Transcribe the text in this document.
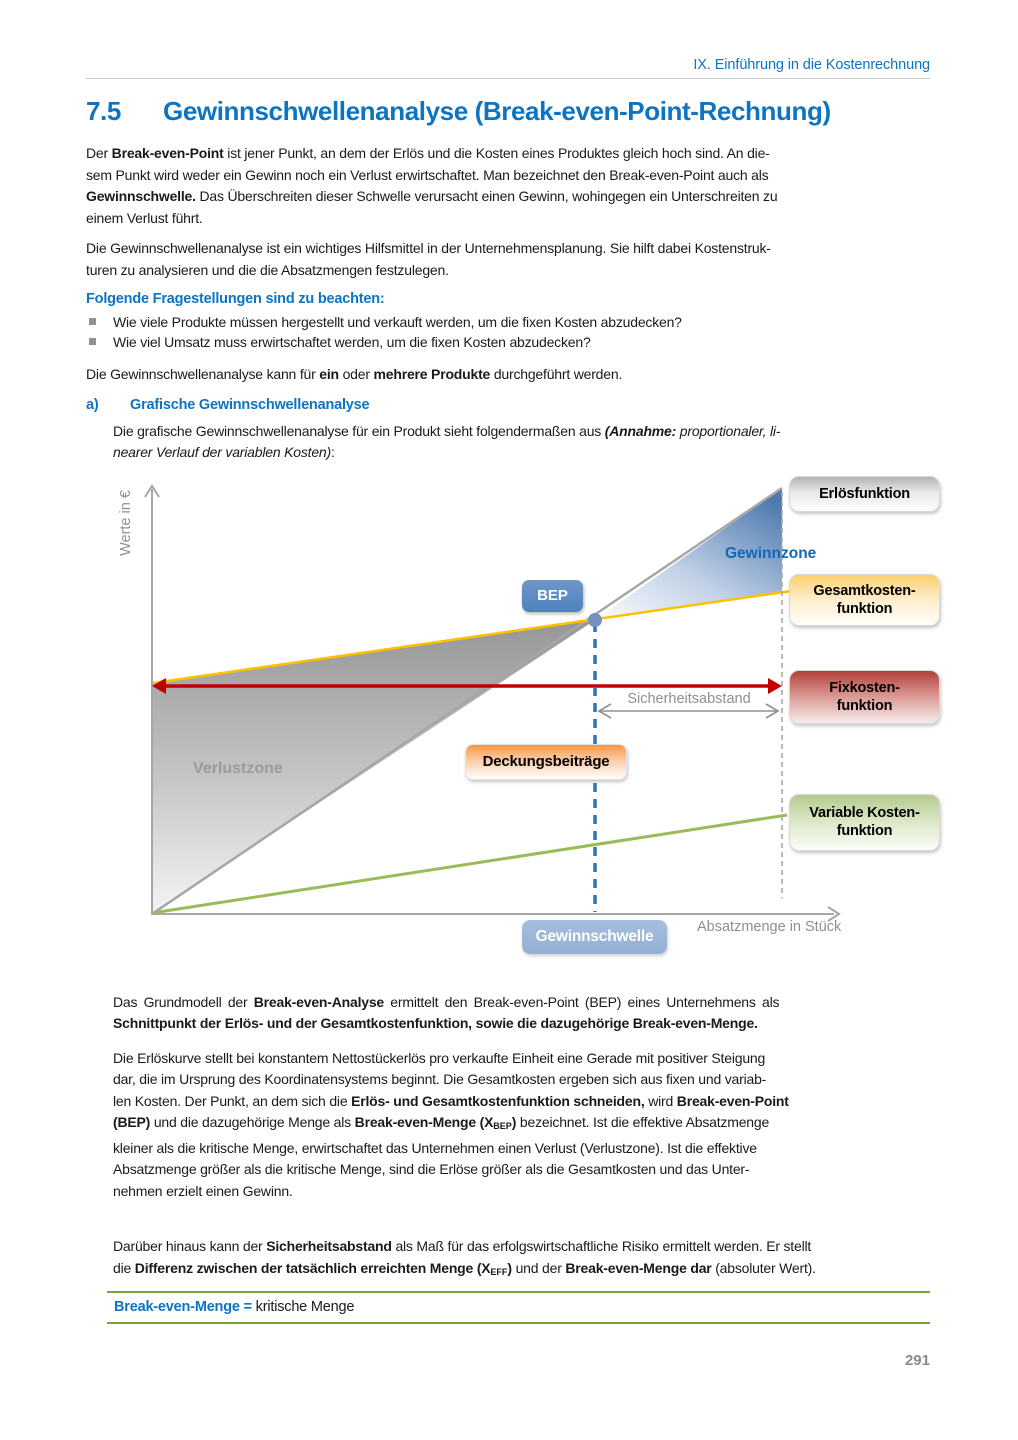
IX. Einführung in die Kostenrechnung
7.5 Gewinnschwellenanalyse (Break-even-Point-Rechnung)
Der Break-even-Point ist jener Punkt, an dem der Erlös und die Kosten eines Produktes gleich hoch sind. An die-
sem Punkt wird weder ein Gewinn noch ein Verlust erwirtschaftet. Man bezeichnet den Break-even-Point auch als
Gewinnschwelle. Das Überschreiten dieser Schwelle verursacht einen Gewinn, wohingegen ein Unterschreiten zu
einem Verlust führt.
Die Gewinnschwellenanalyse ist ein wichtiges Hilfsmittel in der Unternehmensplanung. Sie hilft dabei Kostenstruk-
turen zu analysieren und die die Absatzmengen festzulegen.
Folgende Fragestellungen sind zu beachten:
Wie viele Produkte müssen hergestellt und verkauft werden, um die fixen Kosten abzudecken?
Wie viel Umsatz muss erwirtschaftet werden, um die fixen Kosten abzudecken?
Die Gewinnschwellenanalyse kann für ein oder mehrere Produkte durchgeführt werden.
a) Grafische Gewinnschwellenanalyse
Die grafische Gewinnschwellenanalyse für ein Produkt sieht folgendermaßen aus (Annahme: proportionaler, li-
nearer Verlauf der variablen Kosten):
Werte in €
Absatzmenge in Stück
Gewinnzone
Verlustzone
Sicherheitsabstand
BEP
Erlösfunktion
Gesamtkosten-
funktion
Fixkosten-
funktion
Variable Kosten-
funktion
Deckungsbeiträge
Gewinnschwelle
Das Grundmodell der Break-even-Analyse ermittelt den Break-even-Point (BEP) eines Unternehmens als
Schnittpunkt der Erlös- und der Gesamtkostenfunktion, sowie die dazugehörige Break-even-Menge.
Die Erlöskurve stellt bei konstantem Nettostückerlös pro verkaufte Einheit eine Gerade mit positiver Steigung
dar, die im Ursprung des Koordinatensystems beginnt. Die Gesamtkosten ergeben sich aus fixen und variab-
len Kosten. Der Punkt, an dem sich die Erlös- und Gesamtkostenfunktion schneiden, wird Break-even-Point
(BEP) und die dazugehörige Menge als Break-even-Menge $(X_{BEP})$ bezeichnet. Ist die effektive Absatzmenge
kleiner als die kritische Menge, erwirtschaftet das Unternehmen einen Verlust (Verlustzone). Ist die effektive
Absatzmenge größer als die kritische Menge, sind die Erlöse größer als die Gesamtkosten und das Unter-
nehmen erzielt einen Gewinn.
Darüber hinaus kann der Sicherheitsabstand als Maß für das erfolgswirtschaftliche Risiko ermittelt werden. Er stellt
die Differenz zwischen der tatsächlich erreichten Menge $(X_{EFF})$ und der Break-even-Menge dar (absoluter Wert).
Break-even-Menge = kritische Menge
291
